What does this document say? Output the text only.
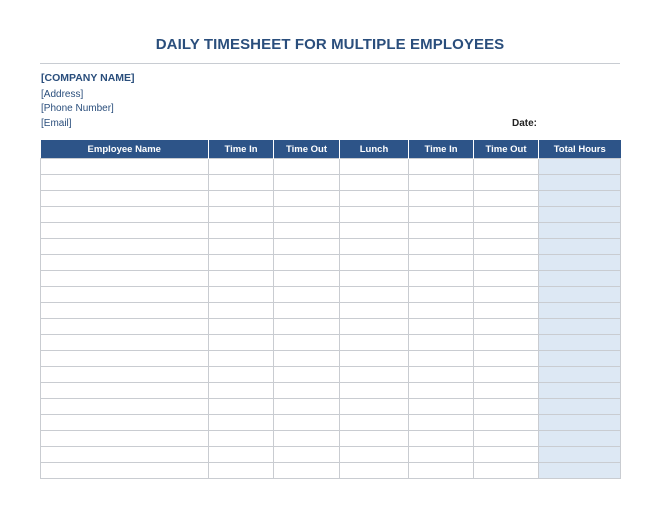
DAILY TIMESHEET FOR MULTIPLE EMPLOYEES
[COMPANY NAME]
[Address]
[Phone Number]
[Email]	Date:
Employee Name	Time In	Time Out	Lunch	Time In	Time Out	Total Hours
